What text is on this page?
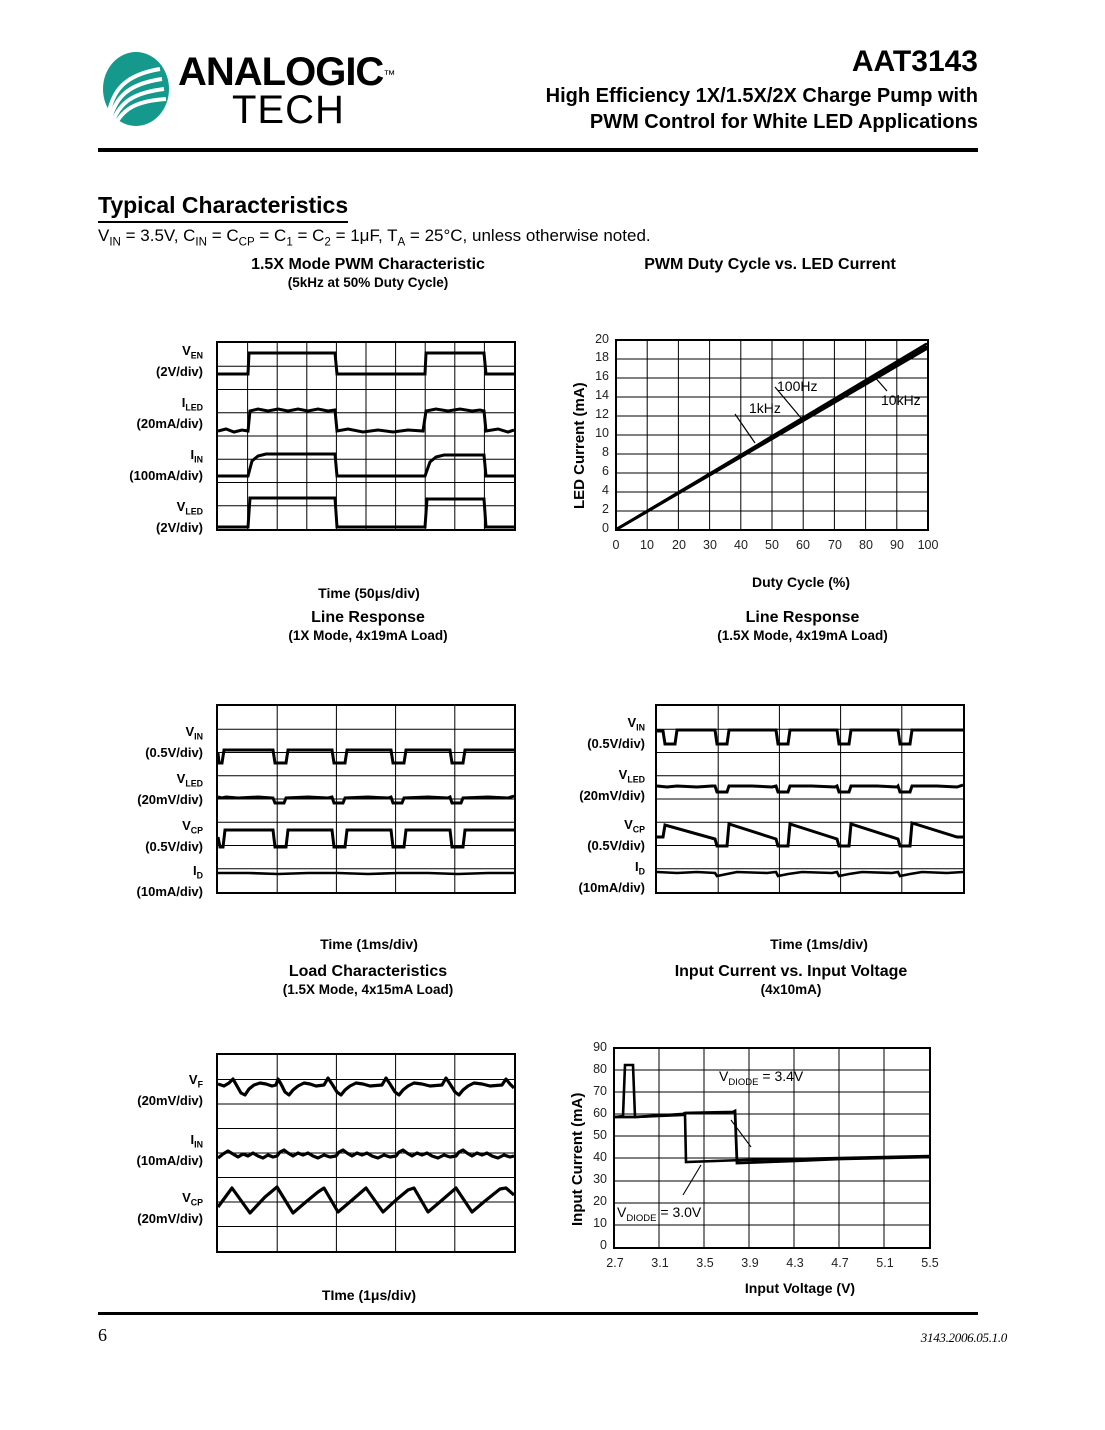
ANALOGIC™
TECH
AAT3143
High Efficiency 1X/1.5X/2X Charge Pump with
PWM Control for White LED Applications
Typical Characteristics
$V_{IN} = 3.5V$, $C_{IN} = C_{CP} = C_1 = C_2 = 1\mu F$, $T_A = 25^\circ C$, unless otherwise noted.
1.5X Mode PWM Characteristic
(5kHz at 50% Duty Cycle)
$V_{EN}$
(2V/div)
$I_{LED}$
(20mA/div)
$I_{IN}$
(100mA/div)
$V_{LED}$
(2V/div)
Time (50μs/div)
PWM Duty Cycle vs. LED Current
LED Current (mA)
20
18
16
14
12
10
8
6
4
2
0
100Hz
1kHz	10kHz
0	10	20	30	40	50	60	70	80	90	100
Duty Cycle (%)
Line Response
(1X Mode, 4x19mA Load)
$V_{IN}$
(0.5V/div)
$V_{LED}$
(20mV/div)
$V_{CP}$
(0.5V/div)
$I_D$
(10mA/div)
Time (1ms/div)
Line Response
(1.5X Mode, 4x19mA Load)
$V_{IN}$
(0.5V/div)
$V_{LED}$
(20mV/div)
$V_{CP}$
(0.5V/div)
$I_D$
(10mA/div)
Time (1ms/div)
Load Characteristics
(1.5X Mode, 4x15mA Load)
$V_F$
(20mV/div)
$I_{IN}$
(10mA/div)
$V_{CP}$
(20mV/div)
TIme (1μs/div)
Input Current vs. Input Voltage
(4x10mA)
Input Current (mA)
90
80
70
60
50
40
30
20
10
0
$V_{DIODE} = 3.4V$
$V_{DIODE} = 3.0V$
2.7	3.1	3.5	3.9	4.3	4.7	5.1	5.5
Input Voltage (V)
6	3143.2006.05.1.0
